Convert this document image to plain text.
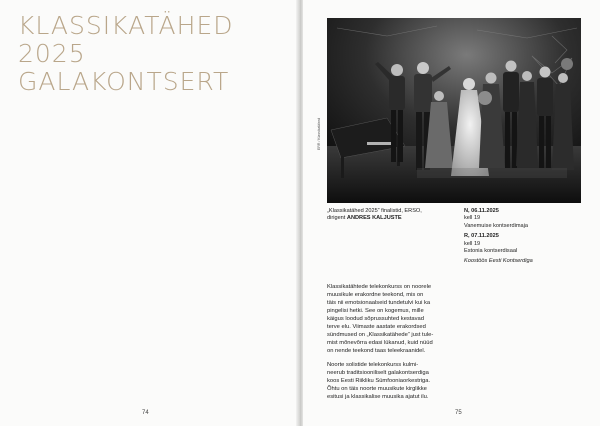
KLASSIKATÄHED
2025
GALAKONTSERT
74
ERR / Klassikatähed
„Klassikatähed 2025“ finalistid, ERSO,
dirigent ANDRES KALJUSTE
N, 06.11.2025
kell 19
Vanemuise kontserdimaja
R, 07.11.2025
kell 19
Estonia kontserdisaal
Koostöös Eesti Kontserdiga

Klassikatähtede telekonkurss on noorele
muusikule erakordne teekond, mis on
täis nii emotsionaalseid tundetulvi kui ka
pingelisi hetki. See on kogemus, mille
käigus loodud sõprussuhted kestavad
terve elu. Viimaste aastate erakordsed
sündmused on „Klassikatähede“ just tule-
mist mõnevõrra edasi lükanud, kuid nüüd
on nende teekond taas teleekraanidel.

Noorte solistide telekonkurss kulmi-
neerub traditsiooniliselt galakontserdiga
koos Eesti Riikliku Sümfooniaorkestriga.
Õhtu on täis noorte muusikute kirglikke
esitusi ja klassikalise muusika ajatut ilu.

75
